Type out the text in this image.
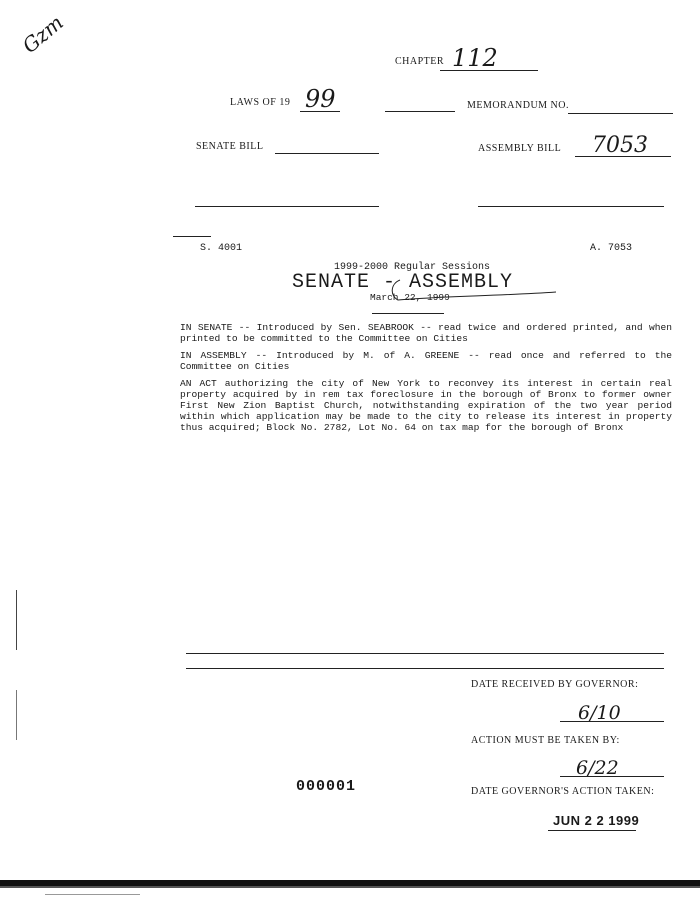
Gzm
CHAPTER 112
LAWS OF 19 99	MEMORANDUM NO.
SENATE BILL	ASSEMBLY BILL 7053
S. 4001	A. 7053
1999-2000 Regular Sessions
SENATE - ASSEMBLY
March 22, 1999
IN SENATE -- Introduced by Sen. SEABROOK -- read twice and ordered printed, and when printed to be committed to the Committee on Cities
IN ASSEMBLY -- Introduced by M. of A. GREENE -- read once and referred to the Committee on Cities
AN ACT authorizing the city of New York to reconvey its interest in certain real property acquired by in rem tax foreclosure in the borough of Bronx to former owner First New Zion Baptist Church, notwithstanding expiration of the two year period within which application may be made to the city to release its interest in property thus acquired; Block No. 2782, Lot No. 64 on tax map for the borough of Bronx
DATE RECEIVED BY GOVERNOR:
6/10
ACTION MUST BE TAKEN BY:
6/22
000001	DATE GOVERNOR'S ACTION TAKEN:
JUN 2 2 1999
